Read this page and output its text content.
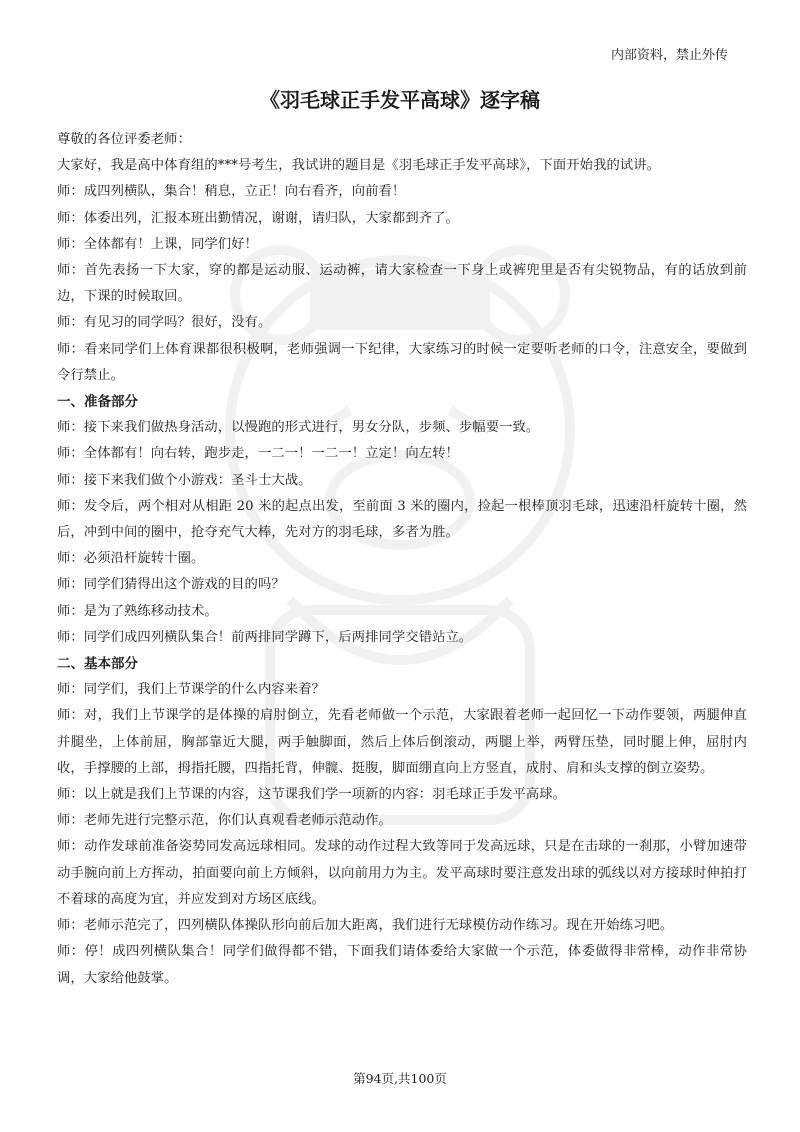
内部资料，禁止外传
《羽毛球正手发平高球》逐字稿

尊敬的各位评委老师：

大家好，我是高中体育组的***号考生，我试讲的题目是《羽毛球正手发平高球》，下面开始我的试讲。

师：成四列横队，集合！稍息，立正！向右看齐，向前看！

师：体委出列，汇报本班出勤情况，谢谢，请归队，大家都到齐了。

师：全体都有！上课，同学们好！

师：首先表扬一下大家，穿的都是运动服、运动裤，请大家检查一下身上或裤兜里是否有尖锐物品，有的话放到前边，下课的时候取回。

师：有见习的同学吗？很好，没有。

师：看来同学们上体育课都很积极啊，老师强调一下纪律，大家练习的时候一定要听老师的口令，注意安全，要做到令行禁止。

一、准备部分

师：接下来我们做热身活动，以慢跑的形式进行，男女分队，步频、步幅要一致。

师：全体都有！向右转，跑步走，一二一！一二一！立定！向左转！

师：接下来我们做个小游戏：圣斗士大战。

师：发令后，两个相对从相距 20 米的起点出发，至前面 3 米的圈内，捡起一根棒顶羽毛球，迅速沿杆旋转十圈，然后，冲到中间的圈中，抢夺充气大棒，先对方的羽毛球，多者为胜。

师：必须沿杆旋转十圈。

师：同学们猜得出这个游戏的目的吗？

师：是为了熟练移动技术。

师：同学们成四列横队集合！前两排同学蹲下，后两排同学交错站立。

二、基本部分

师：同学们，我们上节课学的什么内容来着？

师：对，我们上节课学的是体操的肩肘倒立，先看老师做一个示范，大家跟着老师一起回忆一下动作要领，两腿伸直并腿坐，上体前屈，胸部靠近大腿，两手触脚面，然后上体后倒滚动，两腿上举，两臂压垫，同时腿上伸，屈肘内收，手撑腰的上部，拇指托腰，四指托背，伸髋、挺腹，脚面绷直向上方竖直，成肘、肩和头支撑的倒立姿势。

师：以上就是我们上节课的内容，这节课我们学一项新的内容：羽毛球正手发平高球。

师：老师先进行完整示范，你们认真观看老师示范动作。

师：动作发球前准备姿势同发高远球相同。发球的动作过程大致等同于发高远球，只是在击球的一刹那，小臂加速带动手腕向前上方挥动，拍面要向前上方倾斜，以向前用力为主。发平高球时要注意发出球的弧线以对方接球时伸拍打不着球的高度为宜，并应发到对方场区底线。

师：老师示范完了，四列横队体操队形向前后加大距离，我们进行无球模仿动作练习。现在开始练习吧。

师：停！成四列横队集合！同学们做得都不错，下面我们请体委给大家做一个示范，体委做得非常棒，动作非常协调，大家给他鼓掌。

第94页,共100页
